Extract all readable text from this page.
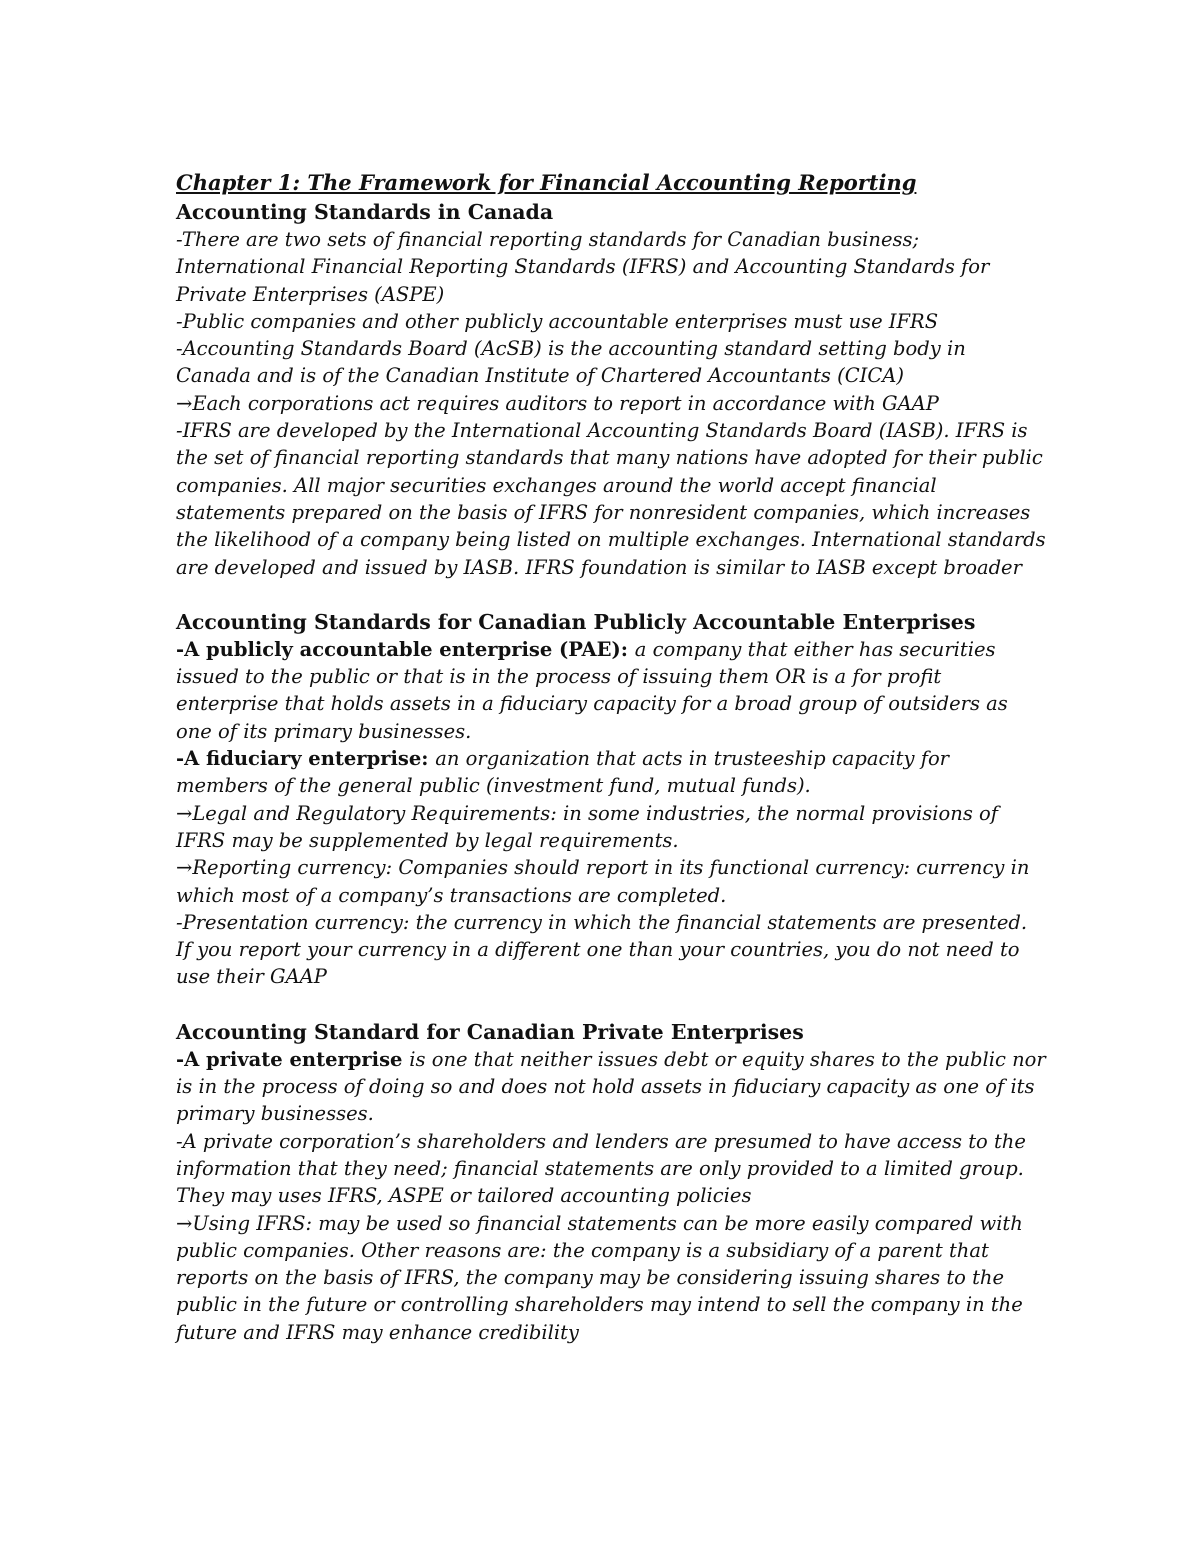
Chapter 1: The Framework for Financial Accounting Reporting
Accounting Standards in Canada

-There are two sets of financial reporting standards for Canadian business; International Financial Reporting Standards (IFRS) and Accounting Standards for Private Enterprises (ASPE)

-Public companies and other publicly accountable enterprises must use IFRS

-Accounting Standards Board (AcSB) is the accounting standard setting body in Canada and is of the Canadian Institute of Chartered Accountants (CICA)

→Each corporations act requires auditors to report in accordance with GAAP

-IFRS are developed by the International Accounting Standards Board (IASB). IFRS is the set of financial reporting standards that many nations have adopted for their public companies. All major securities exchanges around the world accept financial statements prepared on the basis of IFRS for nonresident companies, which increases the likelihood of a company being listed on multiple exchanges. International standards are developed and issued by IASB. IFRS foundation is similar to IASB except broader

Accounting Standards for Canadian Publicly Accountable Enterprises

-A publicly accountable enterprise (PAE): a company that either has securities issued to the public or that is in the process of issuing them OR is a for profit enterprise that holds assets in a fiduciary capacity for a broad group of outsiders as one of its primary businesses.

-A fiduciary enterprise: an organization that acts in trusteeship capacity for members of the general public (investment fund, mutual funds).

→Legal and Regulatory Requirements: in some industries, the normal provisions of IFRS may be supplemented by legal requirements.

→Reporting currency: Companies should report in its functional currency: currency in which most of a company’s transactions are completed.

-Presentation currency: the currency in which the financial statements are presented. If you report your currency in a different one than your countries, you do not need to use their GAAP

Accounting Standard for Canadian Private Enterprises

-A private enterprise is one that neither issues debt or equity shares to the public nor is in the process of doing so and does not hold assets in fiduciary capacity as one of its primary businesses.

-A private corporation’s shareholders and lenders are presumed to have access to the information that they need; financial statements are only provided to a limited group. They may uses IFRS, ASPE or tailored accounting policies

→Using IFRS: may be used so financial statements can be more easily compared with public companies. Other reasons are: the company is a subsidiary of a parent that reports on the basis of IFRS, the company may be considering issuing shares to the public in the future or controlling shareholders may intend to sell the company in the future and IFRS may enhance credibility
